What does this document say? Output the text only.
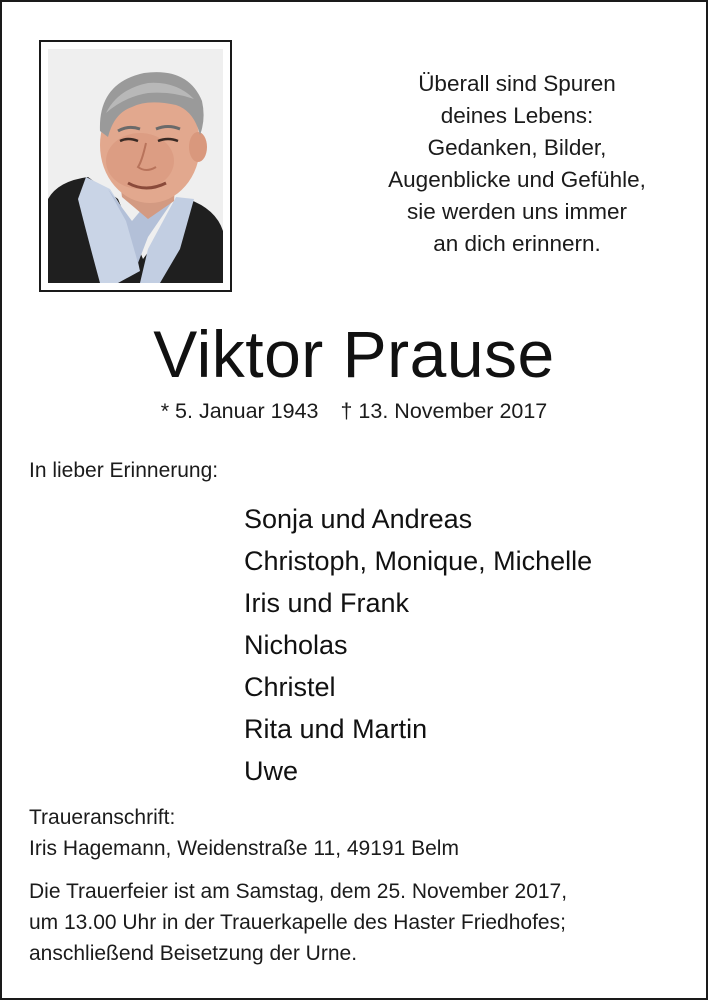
Überall sind Spuren
deines Lebens:
Gedanken, Bilder,
Augenblicke und Gefühle,
sie werden uns immer
an dich erinnern.
Viktor Prause
* 5. Januar 1943 † 13. November 2017
In lieber Erinnerung:
Sonja und Andreas
Christoph, Monique, Michelle
Iris und Frank
Nicholas
Christel
Rita und Martin
Uwe
Traueranschrift:
Iris Hagemann, Weidenstraße 11, 49191 Belm
Die Trauerfeier ist am Samstag, dem 25. November 2017,
um 13.00 Uhr in der Trauerkapelle des Haster Friedhofes;
anschließend Beisetzung der Urne.
